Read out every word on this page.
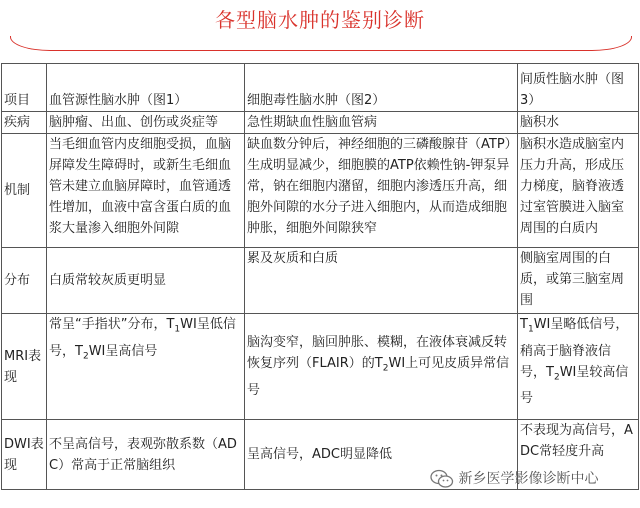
各型脑水肿的鉴别诊断
项目	血管源性脑水肿（图1）	细胞毒性脑水肿（图2）	间质性脑水肿（图3）
疾病	脑肿瘤、出血、创伤或炎症等	急性期缺血性脑血管病	脑积水
机制	当毛细血管内皮细胞受损，血脑屏障发生障碍时，或新生毛细血管未建立血脑屏障时，血管通透性增加，血液中富含蛋白质的血浆大量渗入细胞外间隙	缺血数分钟后，神经细胞的三磷酸腺苷（ATP）生成明显减少，细胞膜的ATP依赖性钠-钾泵异常，钠在细胞内潴留，细胞内渗透压升高，细胞外间隙的水分子进入细胞内，从而造成细胞肿胀，细胞外间隙狭窄	脑积水造成脑室内压力升高，形成压力梯度，脑脊液透过室管膜进入脑室周围的白质内
分布	白质常较灰质更明显	累及灰质和白质	侧脑室周围的白质，或第三脑室周围
MRI表现	常呈“手指状”分布，$T_1WI$呈低信号，$T_2WI$呈高信号	脑沟变窄，脑回肿胀、模糊，在液体衰减反转恢复序列（FLAIR）的$T_2WI$上可见皮质异常信号	$T_1WI$呈略低信号，稍高于脑脊液信号，$T_2WI$呈较高信号
DWI表现	不呈高信号，表观弥散系数（ADC）常高于正常脑组织	呈高信号，ADC明显降低	不表现为高信号，ADC常轻度升高
新乡医学影像诊断中心
